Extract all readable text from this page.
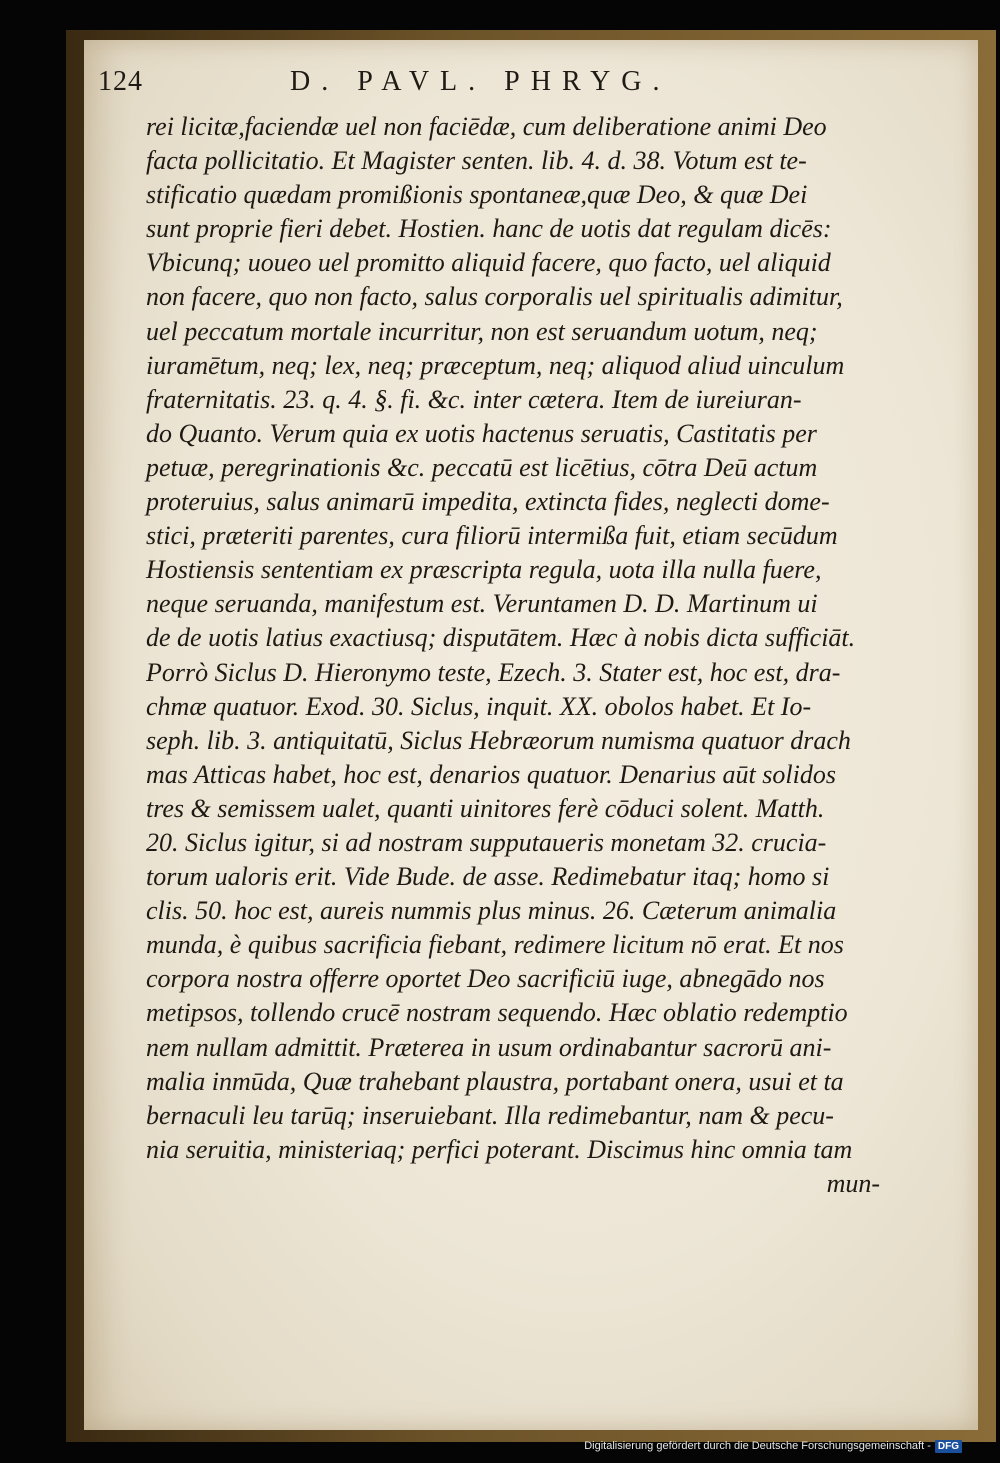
124	D. PAVL. PHRYG.
rei licitæ,faciendæ uel non faciēdæ, cum deliberatione animi Deo
facta pollicitatio. Et Magister senten. lib. 4. d. 38. Votum est te-
stificatio quædam promißionis spontaneæ,quæ Deo, & quæ Dei
sunt proprie fieri debet. Hostien. hanc de uotis dat regulam dicēs:
Vbicunq; uoueo uel promitto aliquid facere, quo facto, uel aliquid
non facere, quo non facto, salus corporalis uel spiritualis adimitur,
uel peccatum mortale incurritur, non est seruandum uotum, neq;
iuramētum, neq; lex, neq; præceptum, neq; aliquod aliud uinculum
fraternitatis. 23. q. 4. §. fi. &c. inter cætera. Item de iureiuran-
do Quanto. Verum quia ex uotis hactenus seruatis, Castitatis per
petuæ, peregrinationis &c. peccatū est licētius, cōtra Deū actum
proteruius, salus animarū impedita, extincta fides, neglecti dome-
stici, præteriti parentes, cura filiorū intermißa fuit, etiam secūdum
Hostiensis sententiam ex præscripta regula, uota illa nulla fuere,
neque seruanda, manifestum est. Veruntamen D. D. Martinum ui
de de uotis latius exactiusq; disputātem. Hæc à nobis dicta sufficiāt.
Porrò Siclus D. Hieronymo teste, Ezech. 3. Stater est, hoc est, dra-
chmæ quatuor. Exod. 30. Siclus, inquit. XX. obolos habet. Et Io-
seph. lib. 3. antiquitatū, Siclus Hebræorum numisma quatuor drach
mas Atticas habet, hoc est, denarios quatuor. Denarius aūt solidos
tres & semissem ualet, quanti uinitores ferè cōduci solent. Matth.
20. Siclus igitur, si ad nostram supputaueris monetam 32. crucia-
torum ualoris erit. Vide Bude. de asse. Redimebatur itaq; homo si
clis. 50. hoc est, aureis nummis plus minus. 26. Cæterum animalia
munda, è quibus sacrificia fiebant, redimere licitum nō erat. Et nos
corpora nostra offerre oportet Deo sacrificiū iuge, abnegādo nos
metipsos, tollendo crucē nostram sequendo. Hæc oblatio redemptio
nem nullam admittit. Præterea in usum ordinabantur sacrorū ani-
malia inmūda, Quæ trahebant plaustra, portabant onera, usui et ta
bernaculi leu tarūq; inseruiebant. Illa redimebantur, nam & pecu-
nia seruitia, ministeriaq; perfici poterant. Discimus hinc omnia tam
mun-
Digitalisierung gefördert durch die Deutsche Forschungsgemeinschaft - DFG
